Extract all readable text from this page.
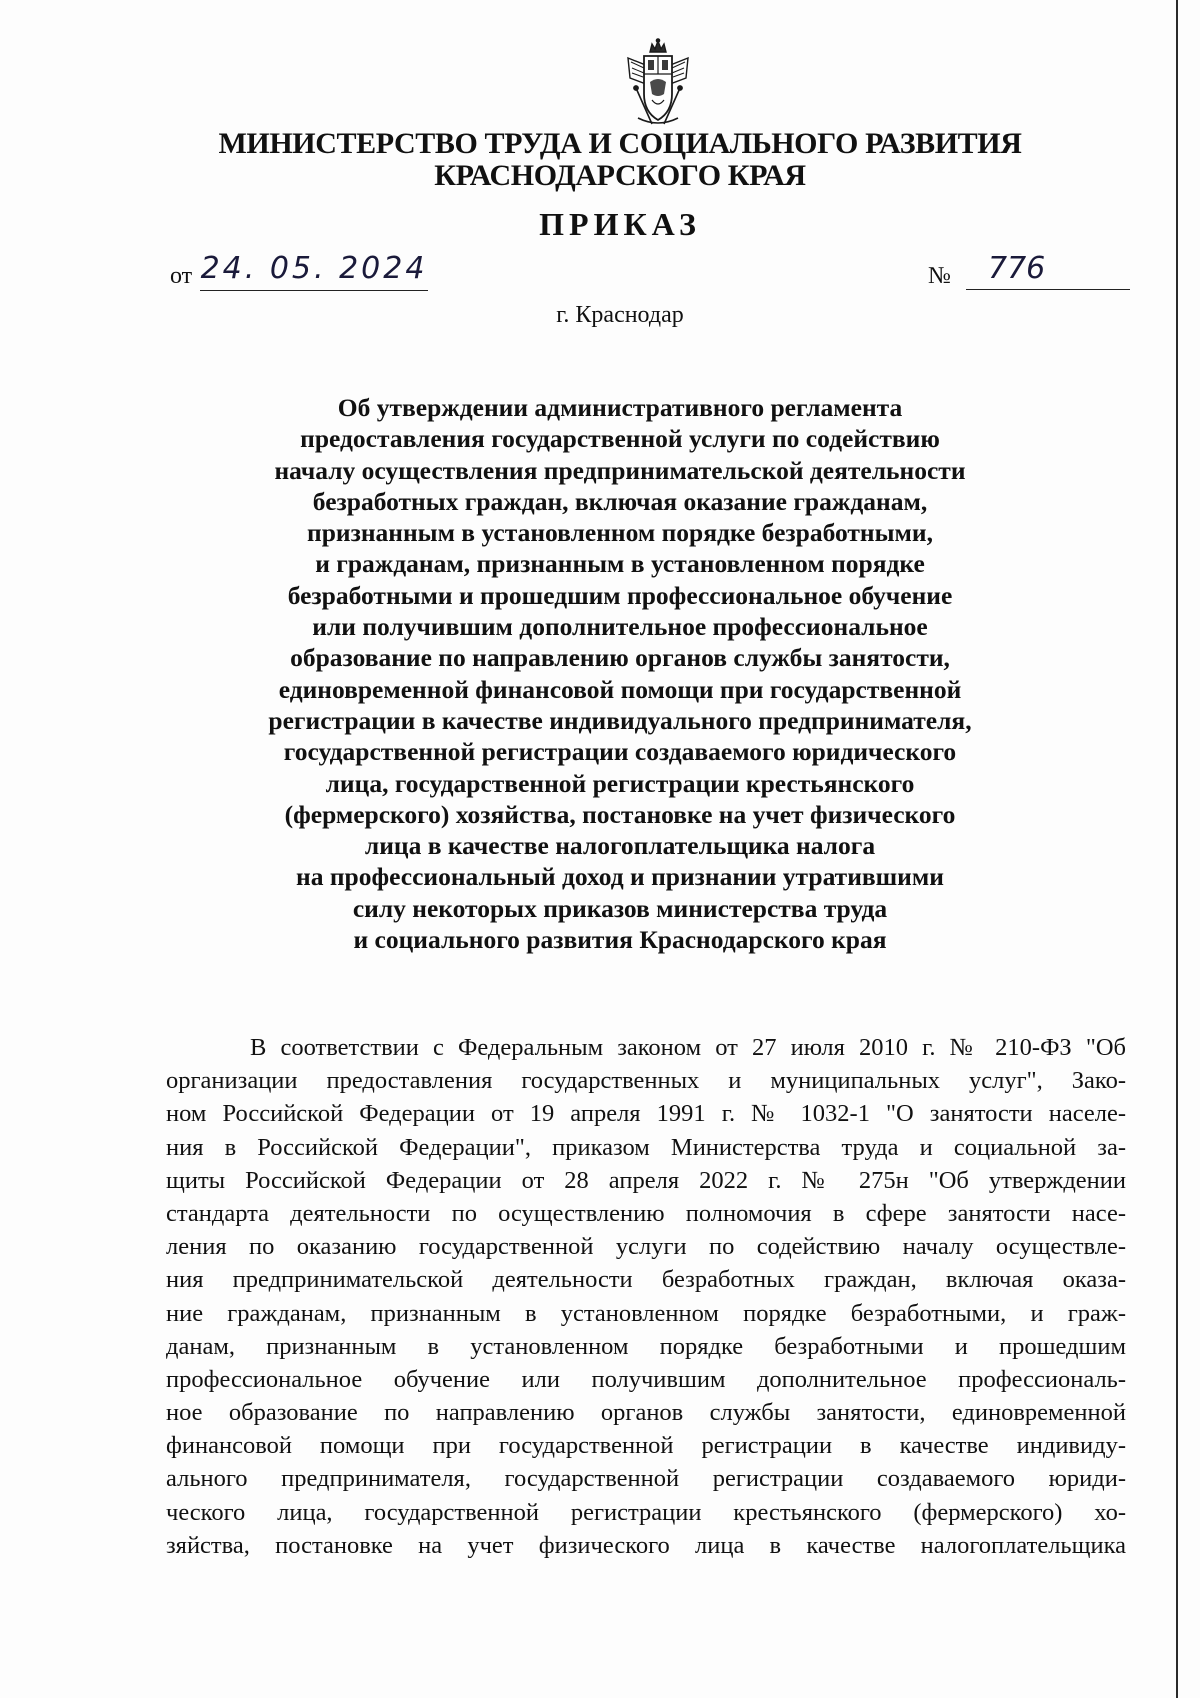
МИНИСТЕРСТВО ТРУДА И СОЦИАЛЬНОГО РАЗВИТИЯ
КРАСНОДАРСКОГО КРАЯ
ПРИКАЗ
от 24. 05. 2024	№	776
г. Краснодар
Об утверждении административного регламента
предоставления государственной услуги по содействию
началу осуществления предпринимательской деятельности
безработных граждан, включая оказание гражданам,
признанным в установленном порядке безработными,
и гражданам, признанным в установленном порядке
безработными и прошедшим профессиональное обучение
или получившим дополнительное профессиональное
образование по направлению органов службы занятости,
единовременной финансовой помощи при государственной
регистрации в качестве индивидуального предпринимателя,
государственной регистрации создаваемого юридического
лица, государственной регистрации крестьянского
(фермерского) хозяйства, постановке на учет физического
лица в качестве налогоплательщика налога
на профессиональный доход и признании утратившими
силу некоторых приказов министерства труда
и социального развития Краснодарского края
В соответствии с Федеральным законом от 27 июля 2010 г. № 210-ФЗ "Об
организации предоставления государственных и муниципальных услуг", Зако-
ном Российской Федерации от 19 апреля 1991 г. № 1032-1 "О занятости населе-
ния в Российской Федерации", приказом Министерства труда и социальной за-
щиты Российской Федерации от 28 апреля 2022 г. № 275н "Об утверждении
стандарта деятельности по осуществлению полномочия в сфере занятости насе-
ления по оказанию государственной услуги по содействию началу осуществле-
ния предпринимательской деятельности безработных граждан, включая оказа-
ние гражданам, признанным в установленном порядке безработными, и граж-
данам, признанным в установленном порядке безработными и прошедшим
профессиональное обучение или получившим дополнительное профессиональ-
ное образование по направлению органов службы занятости, единовременной
финансовой помощи при государственной регистрации в качестве индивиду-
ального предпринимателя, государственной регистрации создаваемого юриди-
ческого лица, государственной регистрации крестьянского (фермерского) хо-
зяйства, постановке на учет физического лица в качестве налогоплательщика
